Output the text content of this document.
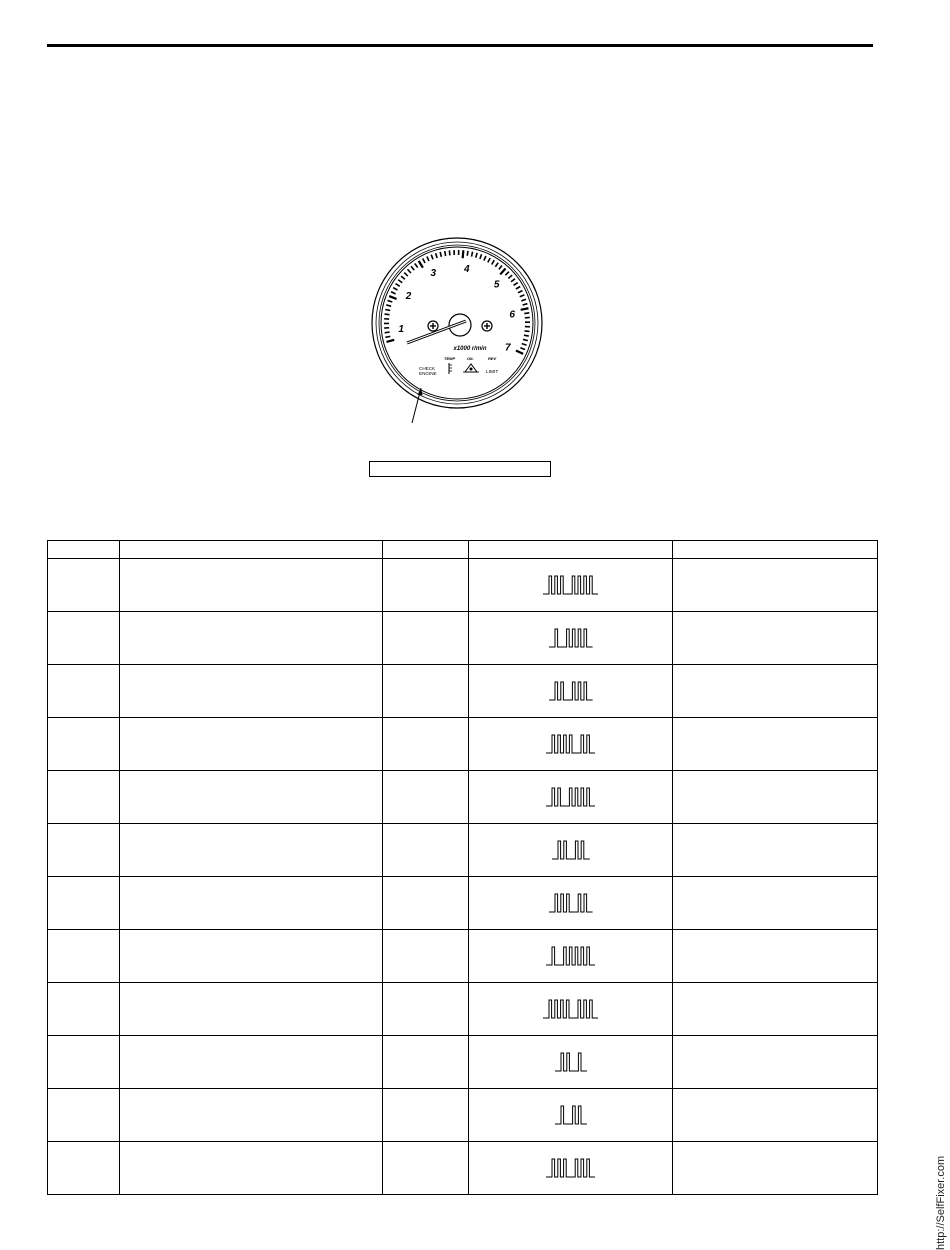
1
2
3	4
5
6
7
x1000 r/min
CHECK
ENGINE
TEMP	OIL	REV
LIMIT

http://SelfFixer.com
